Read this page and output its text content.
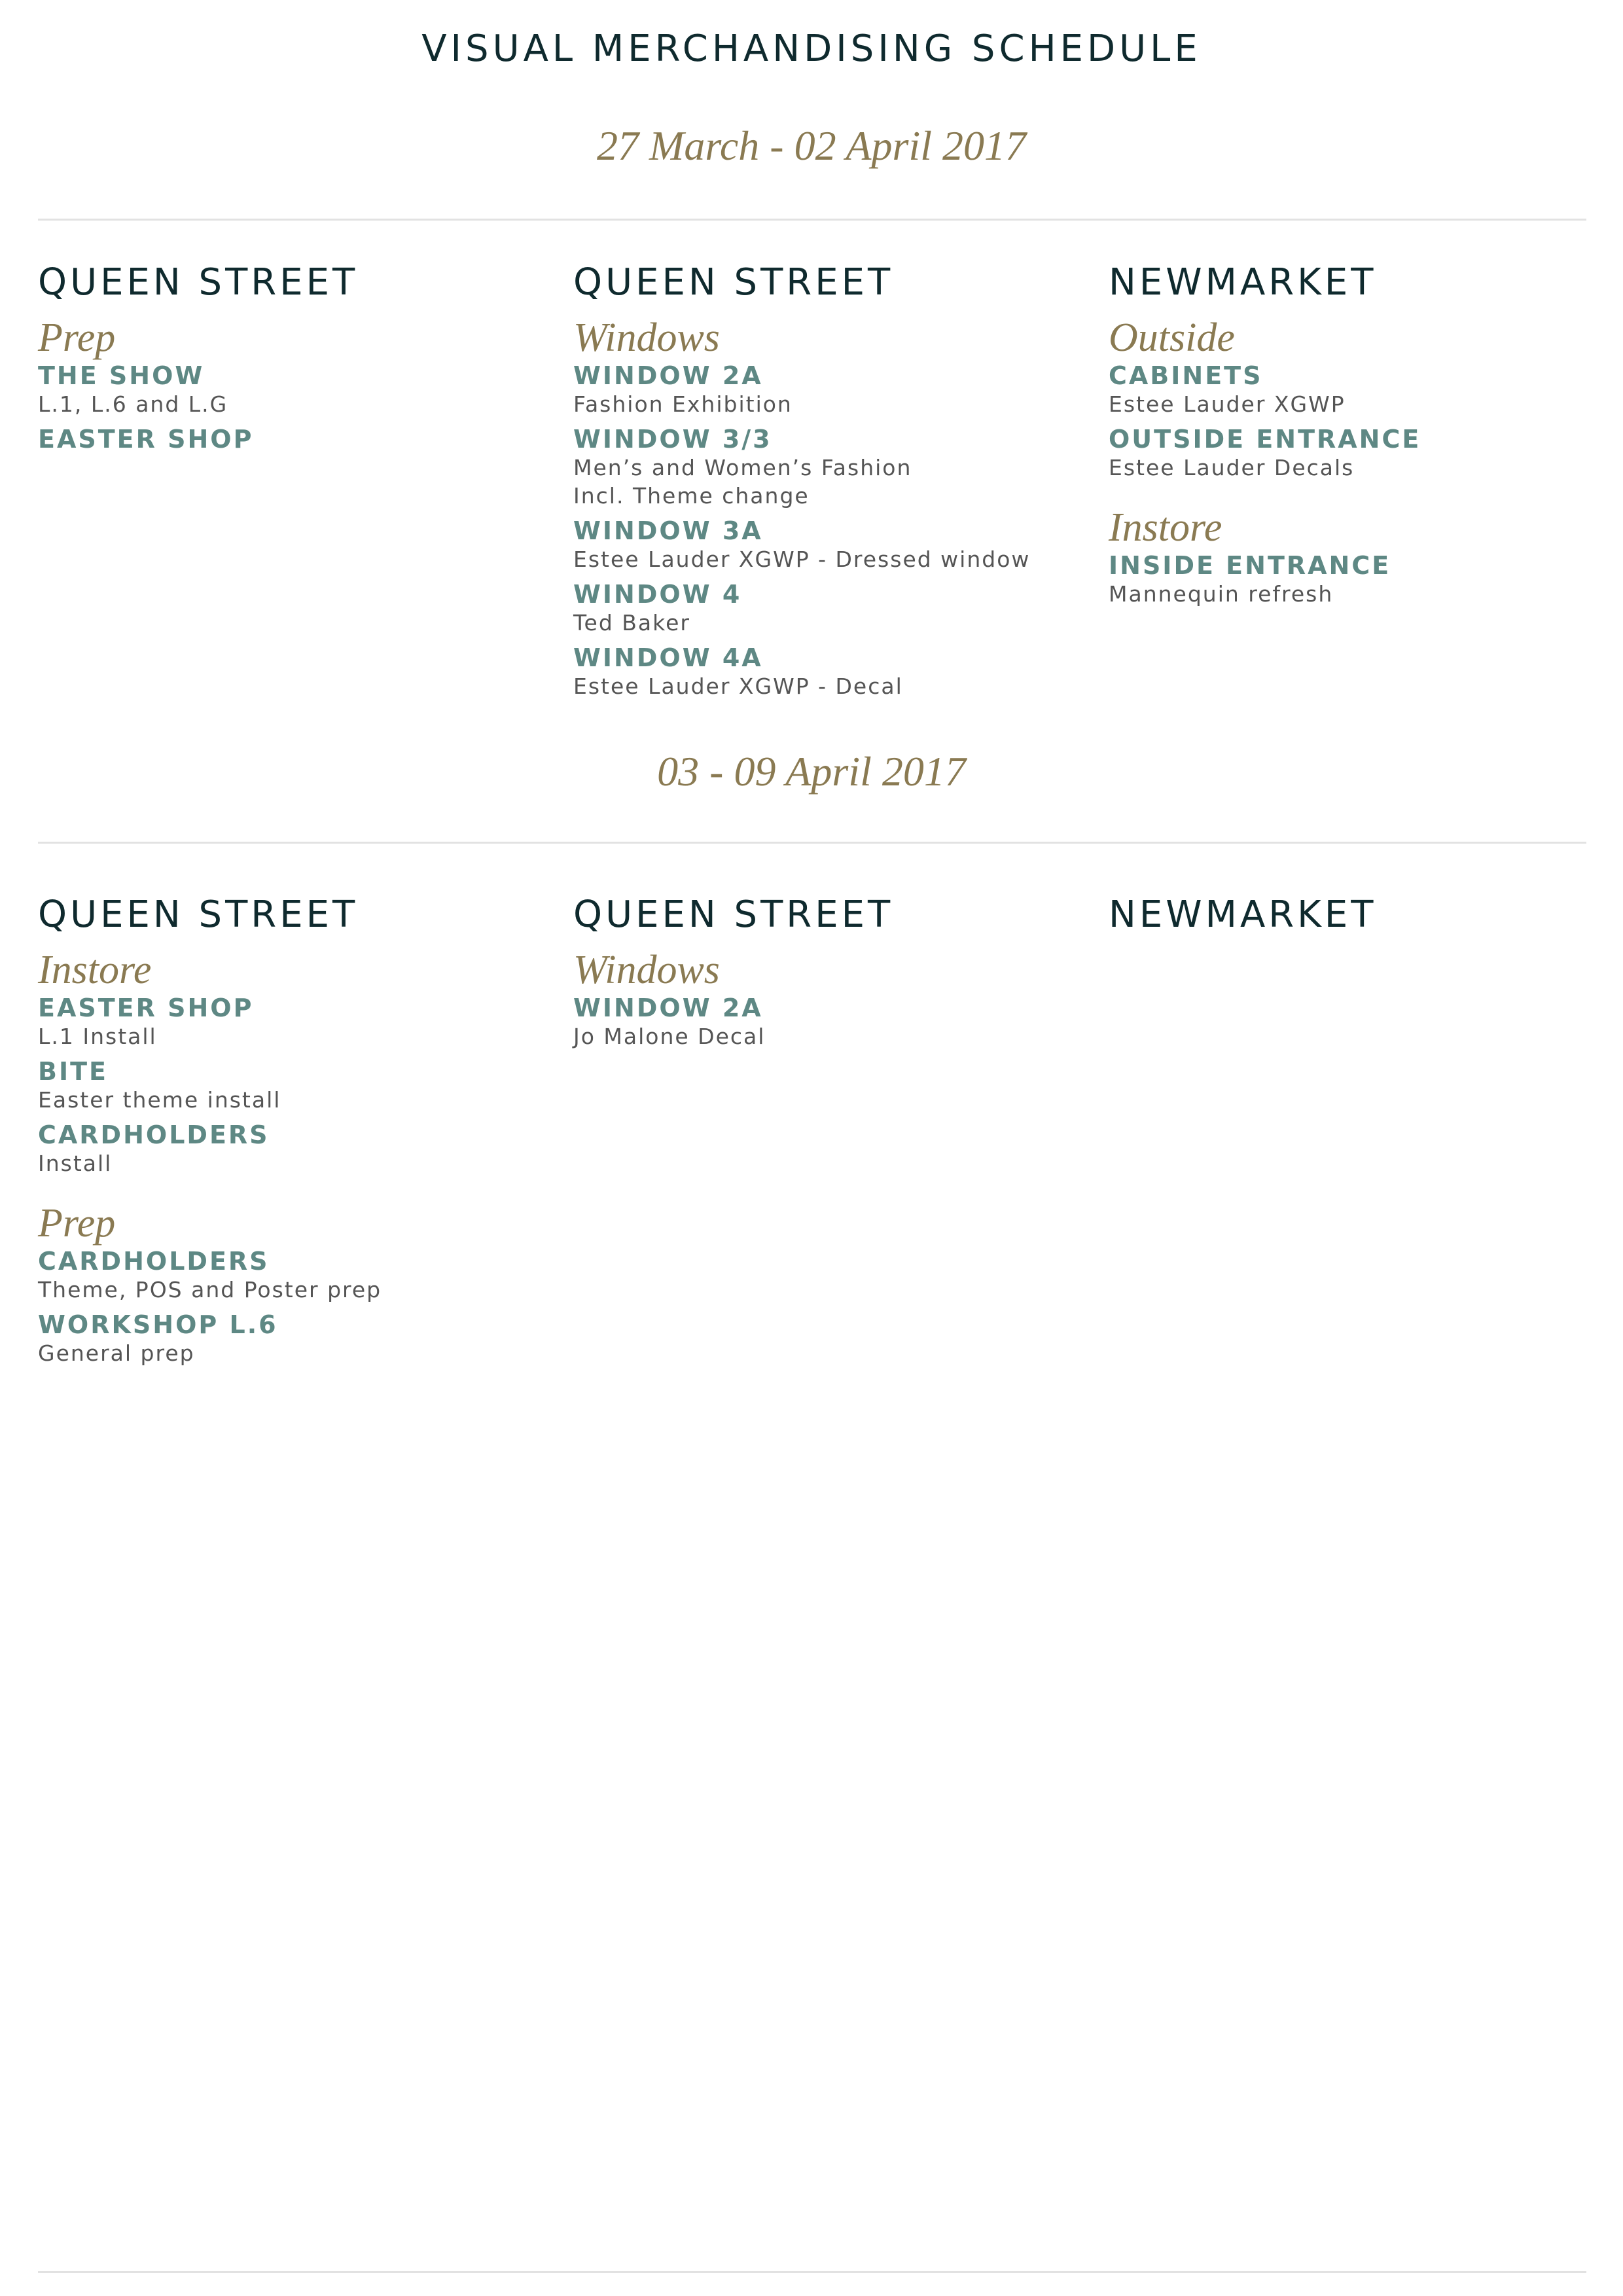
VISUAL MERCHANDISING SCHEDULE
27 March - 02 April 2017
QUEEN STREET
Prep
THE SHOW
L.1, L.6 and L.G
EASTER SHOP
QUEEN STREET
Windows
WINDOW 2A
Fashion Exhibition
WINDOW 3/3
Men’s and Women’s Fashion
Incl. Theme change
WINDOW 3A
Estee Lauder XGWP - Dressed window
WINDOW 4
Ted Baker
WINDOW 4A
Estee Lauder XGWP - Decal
NEWMARKET
Outside
CABINETS
Estee Lauder XGWP
OUTSIDE ENTRANCE
Estee Lauder Decals
Instore
INSIDE ENTRANCE
Mannequin refresh
03 - 09 April 2017
QUEEN STREET
Instore
EASTER SHOP
L.1 Install
BITE
Easter theme install
CARDHOLDERS
Install
Prep
CARDHOLDERS
Theme, POS and Poster prep
WORKSHOP L.6
General prep
QUEEN STREET
Windows
WINDOW 2A
Jo Malone Decal
NEWMARKET
